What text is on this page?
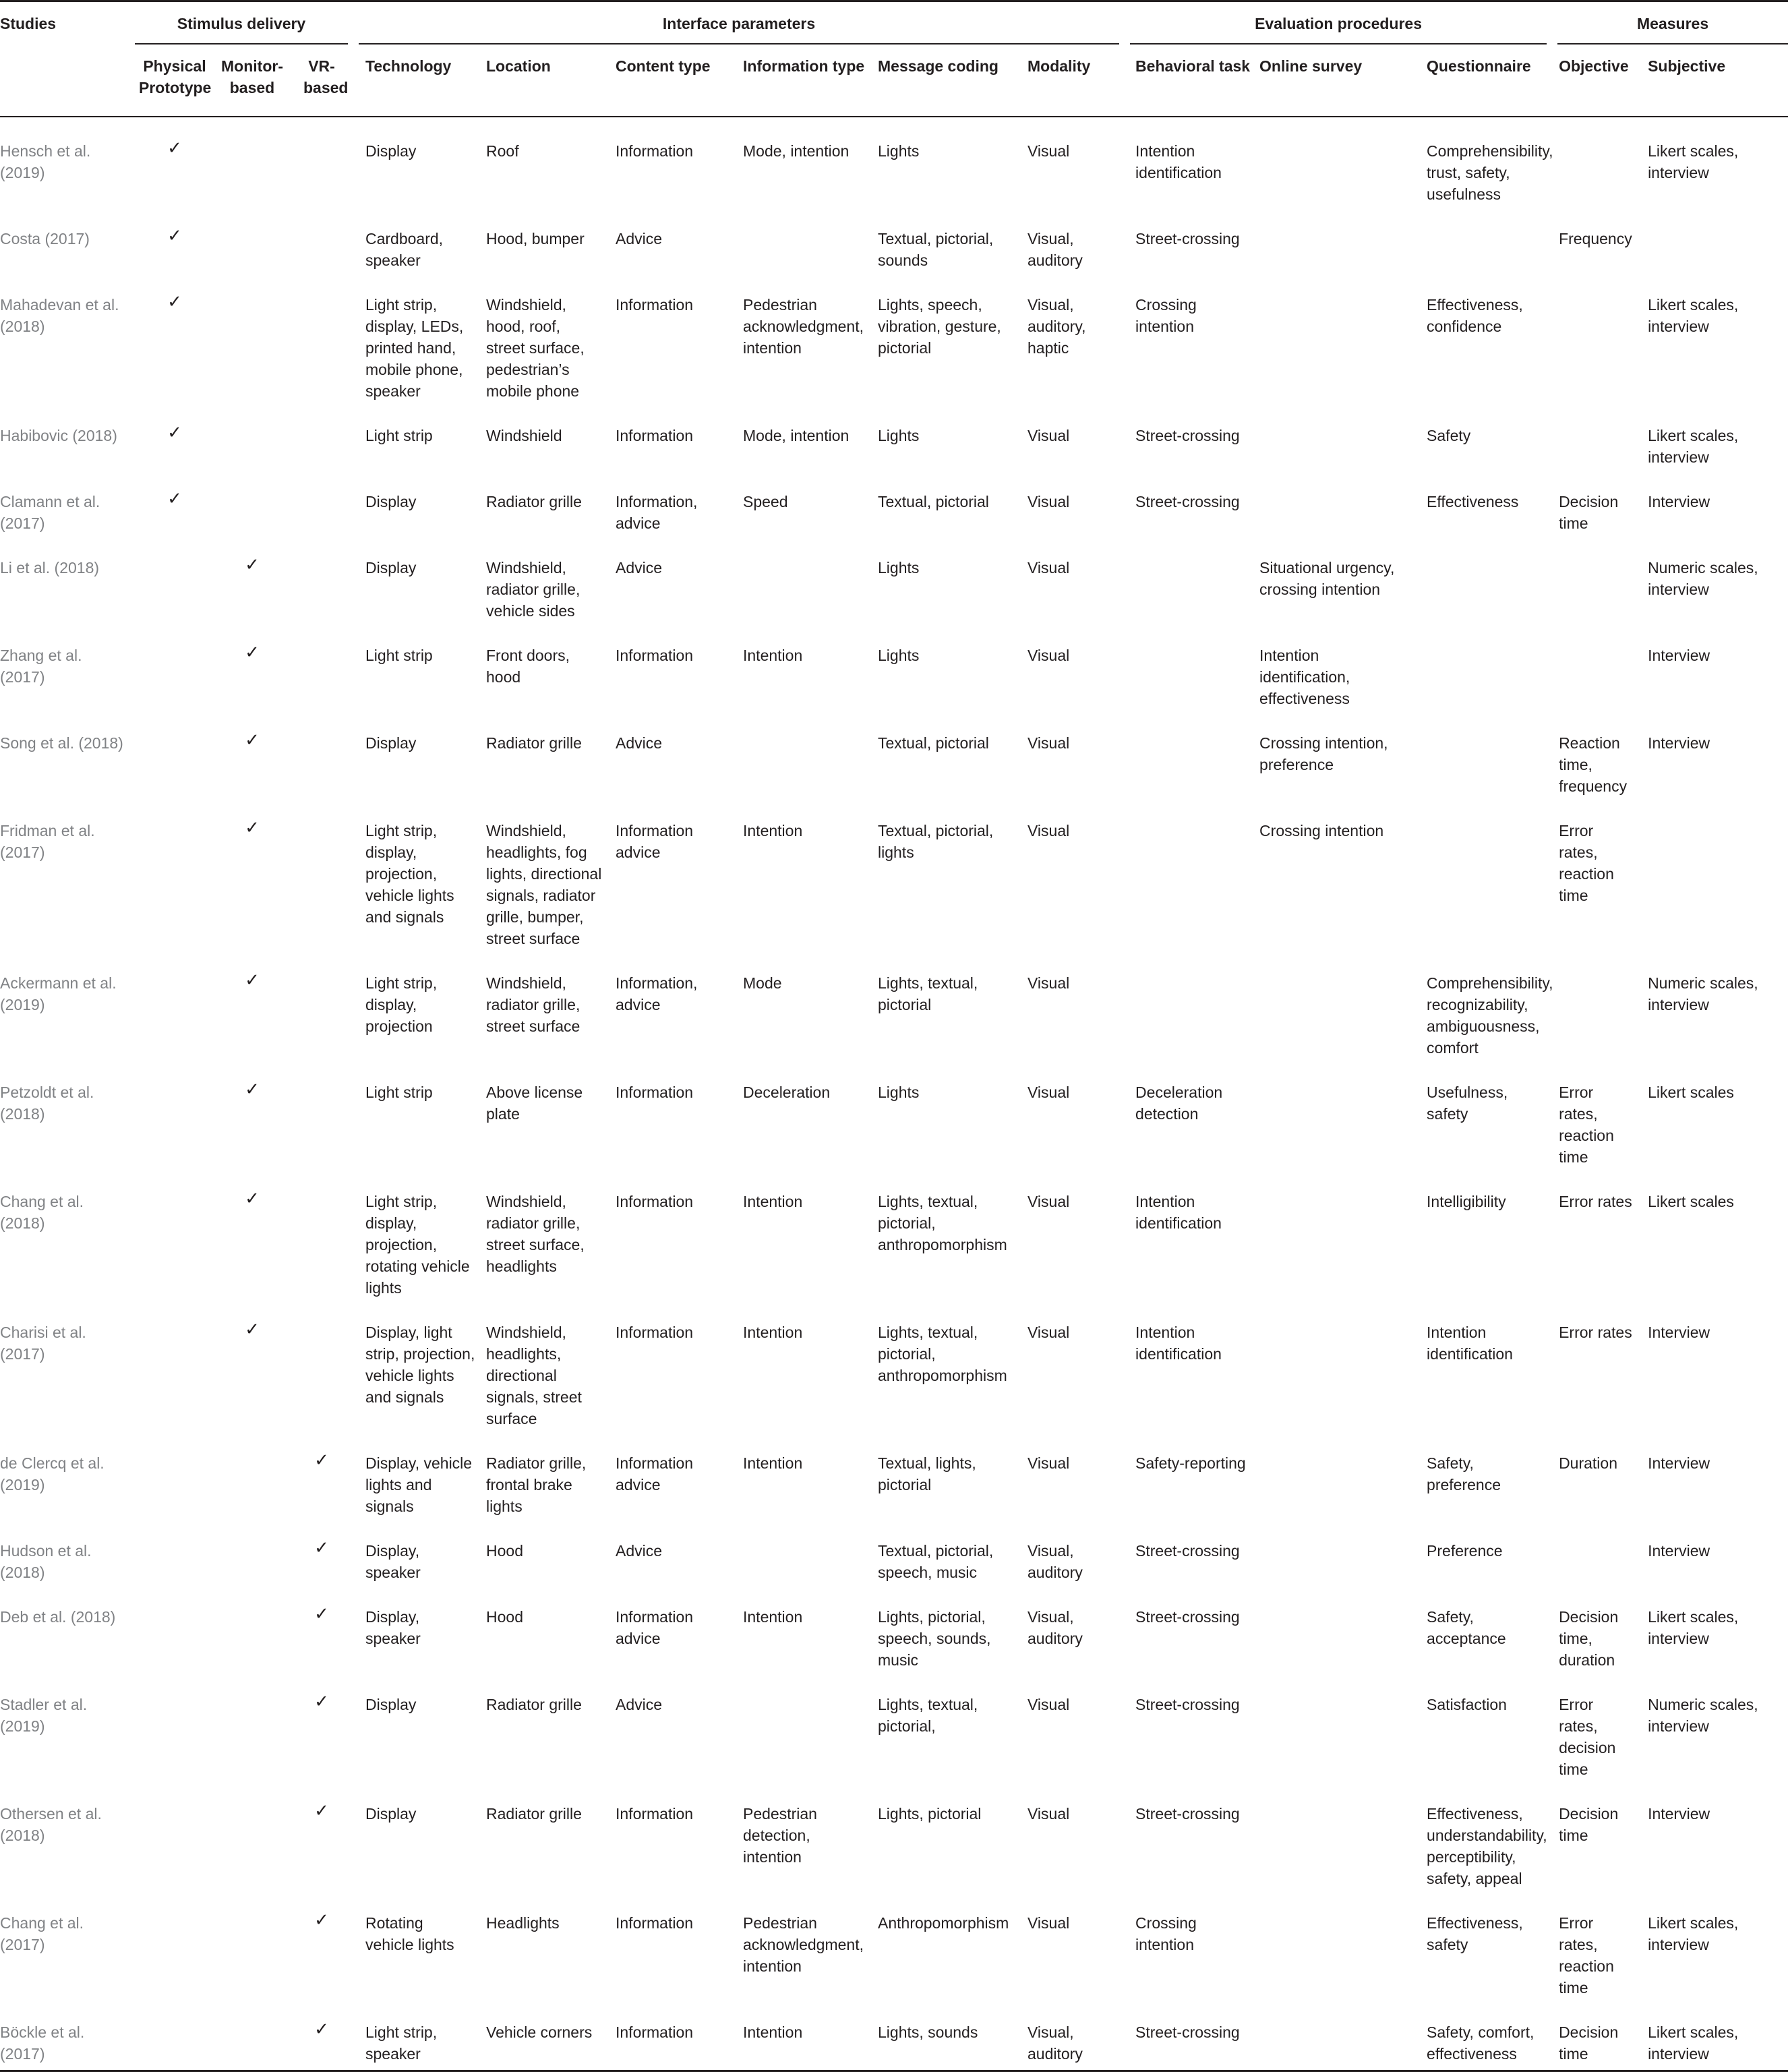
Studies	Stimulus delivery			Interface parameters						Evaluation procedures			Measures	

	Physical Prototype	Monitor-based	VR-based	Technology	Location	Content type	Information type	Message coding	Modality	Behavioral task	Online survey	Questionnaire	Objective	Subjective
Hensch et al. (2019)	✓			Display	Roof	Information	Mode, intention	Lights	Visual	Intention identification		Comprehensibility, trust, safety, usefulness		Likert scales, interview
Costa (2017)	✓			Cardboard, speaker	Hood, bumper	Advice		Textual, pictorial, sounds	Visual, auditory	Street-crossing			Frequency	
Mahadevan et al. (2018)	✓			Light strip, display, LEDs, printed hand, mobile phone, speaker	Windshield, hood, roof, street surface, pedestrian’s mobile phone	Information	Pedestrian acknowledgment, intention	Lights, speech, vibration, gesture, pictorial	Visual, auditory, haptic	Crossing intention		Effectiveness, confidence		Likert scales, interview
Habibovic (2018)	✓			Light strip	Windshield	Information	Mode, intention	Lights	Visual	Street-crossing		Safety		Likert scales, interview
Clamann et al. (2017)	✓			Display	Radiator grille	Information, advice	Speed	Textual, pictorial	Visual	Street-crossing		Effectiveness	Decision time	Interview
Li et al. (2018)		✓		Display	Windshield, radiator grille, vehicle sides	Advice		Lights	Visual		Situational urgency, crossing intention			Numeric scales, interview
Zhang et al. (2017)		✓		Light strip	Front doors, hood	Information	Intention	Lights	Visual		Intention identification, effectiveness			Interview
Song et al. (2018)		✓		Display	Radiator grille	Advice		Textual, pictorial	Visual		Crossing intention, preference		Reaction time, frequency	Interview
Fridman et al. (2017)		✓		Light strip, display, projection, vehicle lights and signals	Windshield, headlights, fog lights, directional signals, radiator grille, bumper, street surface	Information advice	Intention	Textual, pictorial, lights	Visual		Crossing intention		Error rates, reaction time	
Ackermann et al. (2019)		✓		Light strip, display, projection	Windshield, radiator grille, street surface	Information, advice	Mode	Lights, textual, pictorial	Visual			Comprehensibility, recognizability, ambiguousness, comfort		Numeric scales, interview
Petzoldt et al. (2018)		✓		Light strip	Above license plate	Information	Deceleration	Lights	Visual	Deceleration detection		Usefulness, safety	Error rates, reaction time	Likert scales
Chang et al. (2018)		✓		Light strip, display, projection, rotating vehicle lights	Windshield, radiator grille, street surface, headlights	Information	Intention	Lights, textual, pictorial, anthropomorphism	Visual	Intention identification		Intelligibility	Error rates	Likert scales
Charisi et al. (2017)		✓		Display, light strip, projection, vehicle lights and signals	Windshield, headlights, directional signals, street surface	Information	Intention	Lights, textual, pictorial, anthropomorphism	Visual	Intention identification		Intention identification	Error rates	Interview
de Clercq et al. (2019)			✓	Display, vehicle lights and signals	Radiator grille, frontal brake lights	Information advice	Intention	Textual, lights, pictorial	Visual	Safety-reporting		Safety, preference	Duration	Interview
Hudson et al. (2018)			✓	Display, speaker	Hood	Advice		Textual, pictorial, speech, music	Visual, auditory	Street-crossing		Preference		Interview
Deb et al. (2018)			✓	Display, speaker	Hood	Information advice	Intention	Lights, pictorial, speech, sounds, music	Visual, auditory	Street-crossing		Safety, acceptance	Decision time, duration	Likert scales, interview
Stadler et al. (2019)			✓	Display	Radiator grille	Advice		Lights, textual, pictorial,	Visual	Street-crossing		Satisfaction	Error rates, decision time	Numeric scales, interview
Othersen et al. (2018)			✓	Display	Radiator grille	Information	Pedestrian detection, intention	Lights, pictorial	Visual	Street-crossing		Effectiveness, understandability, perceptibility, safety, appeal	Decision time	Interview
Chang et al. (2017)			✓	Rotating vehicle lights	Headlights	Information	Pedestrian acknowledgment, intention	Anthropomorphism	Visual	Crossing intention		Effectiveness, safety	Error rates, reaction time	Likert scales, interview
Böckle et al. (2017)			✓	Light strip, speaker	Vehicle corners	Information	Intention	Lights, sounds	Visual, auditory	Street-crossing		Safety, comfort, effectiveness	Decision time	Likert scales, interview
